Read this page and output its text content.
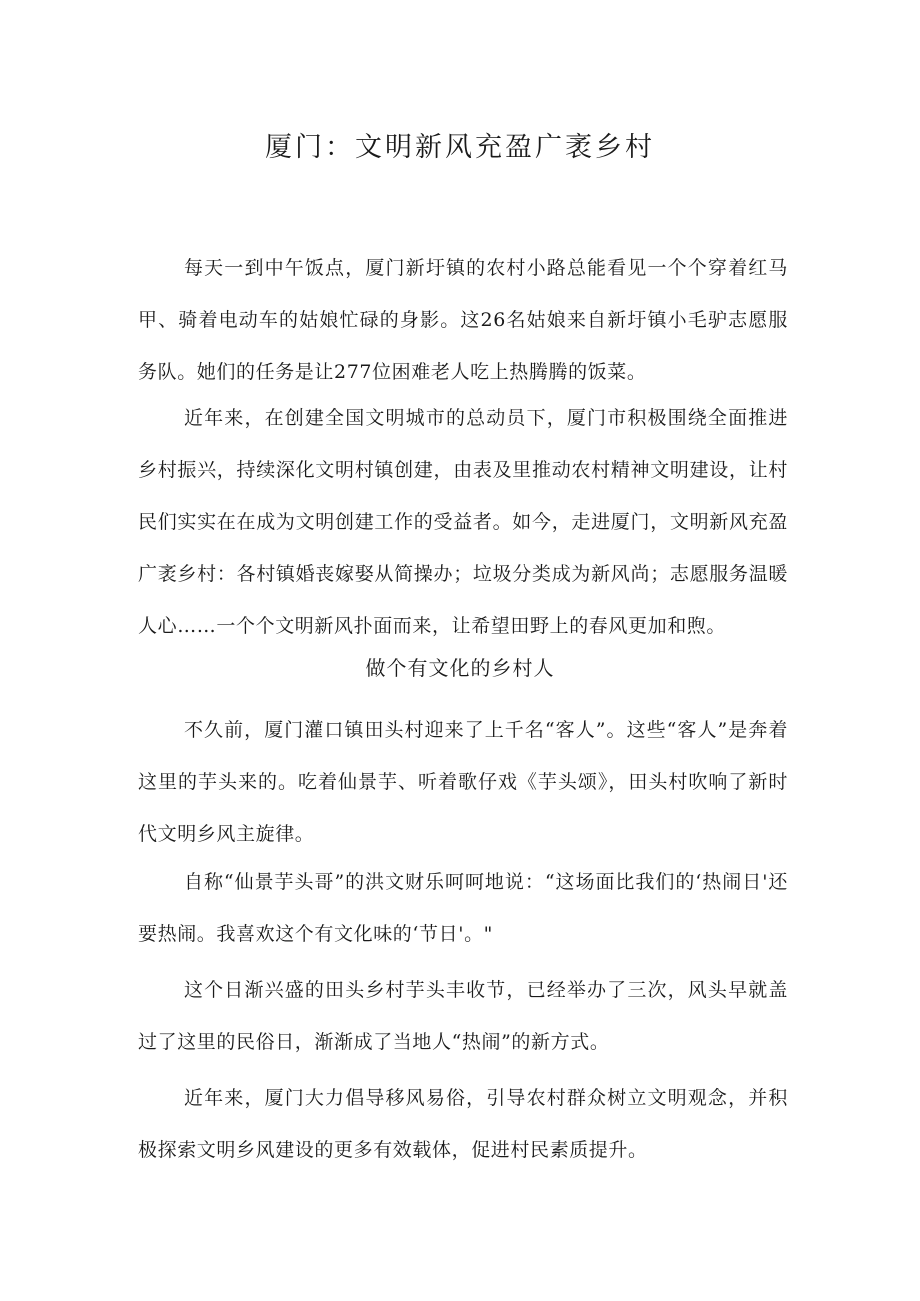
厦门：文明新风充盈广袤乡村

每天一到中午饭点，厦门新圩镇的农村小路总能看见一个个穿着红马甲、骑着电动车的姑娘忙碌的身影。这26名姑娘来自新圩镇小毛驴志愿服务队。她们的任务是让277位困难老人吃上热腾腾的饭菜。

近年来，在创建全国文明城市的总动员下，厦门市积极围绕全面推进乡村振兴，持续深化文明村镇创建，由表及里推动农村精神文明建设，让村民们实实在在成为文明创建工作的受益者。如今，走进厦门，文明新风充盈广袤乡村：各村镇婚丧嫁娶从简操办；垃圾分类成为新风尚；志愿服务温暖人心……一个个文明新风扑面而来，让希望田野上的春风更加和煦。

做个有文化的乡村人

不久前，厦门灌口镇田头村迎来了上千名“客人”。这些“客人”是奔着这里的芋头来的。吃着仙景芋、听着歌仔戏《芋头颂》，田头村吹响了新时代文明乡风主旋律。

自称“仙景芋头哥”的洪文财乐呵呵地说：“这场面比我们的‘热闹日'还要热闹。我喜欢这个有文化味的‘节日'。"

这个日渐兴盛的田头乡村芋头丰收节，已经举办了三次，风头早就盖过了这里的民俗日，渐渐成了当地人“热闹”的新方式。

近年来，厦门大力倡导移风易俗，引导农村群众树立文明观念，并积极探索文明乡风建设的更多有效载体，促进村民素质提升。
